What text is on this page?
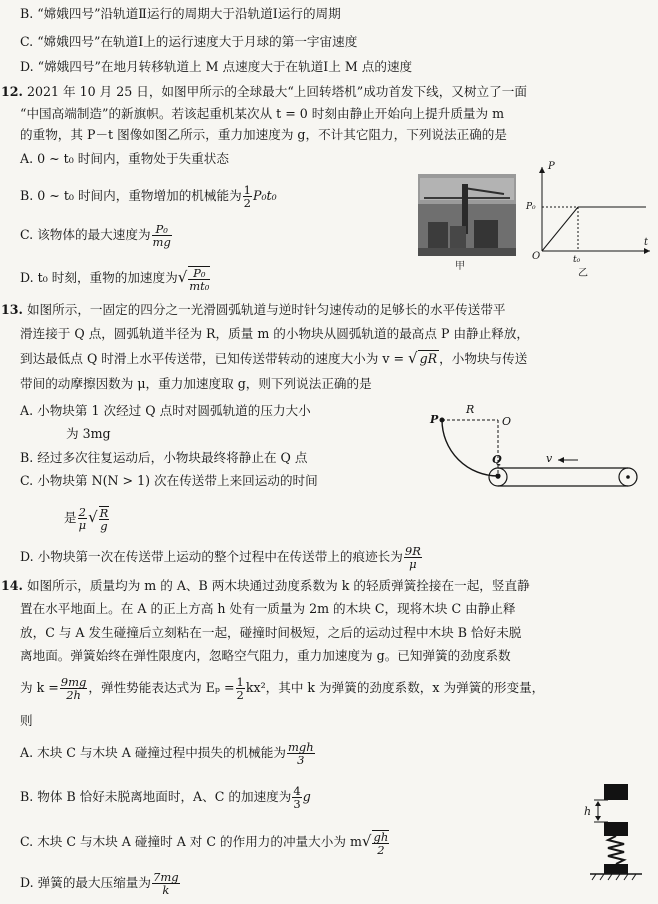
B. “嫦娥四号”沿轨道Ⅱ运行的周期大于沿轨道Ⅰ运行的周期
C. “嫦娥四号”在轨道Ⅰ上的运行速度大于月球的第一宇宙速度
D. “嫦娥四号”在地月转移轨道上 M 点速度大于在轨道Ⅰ上 M 点的速度
12. 2021 年 10 月 25 日，如图甲所示的全球最大“上回转塔机”成功首发下线，又树立了一面
“中国高端制造”的新旗帜。若该起重机某次从 t = 0 时刻由静止开始向上提升质量为 m
的重物，其 P－t 图像如图乙所示，重力加速度为 g，不计其它阻力，下列说法正确的是
A. 0 ~ t₀ 时间内，重物处于失重状态
B. 0 ~ t₀ 时间内，重物增加的机械能为 $\frac{1}{2} P_0t_0$
C. 该物体的最大速度为 $\frac{\text{P₀}}{mg}$
D. t₀ 时刻，重物的加速度为√ $\frac{\text{P₀}}{\text{mt₀}}$	甲
P
P₀
O	t₀
t
乙
13. 如图所示，一固定的四分之一光滑圆弧轨道与逆时针匀速传动的足够长的水平传送带平
滑连接于 Q 点，圆弧轨道半径为 R，质量 m 的小物块从圆弧轨道的最高点 P 由静止释放，
到达最低点 Q 时滑上水平传送带，已知传送带转动的速度大小为 v = √ gR ，小物块与传送
带间的动摩擦因数为 μ，重力加速度取 g，则下列说法正确的是
A. 小物块第 1 次经过 Q 点时对圆弧轨道的压力大小
为 3mg
B. 经过多次往复运动后，小物块最终将静止在 Q 点
C. 小物块第 N(N > 1) 次在传送带上来回运动的时间
是 $\frac{2}{\mu}$ √ $\frac{R}{g}$
D. 小物块第一次在传送带上运动的整个过程中在传送带上的痕迹长为 $\frac{9R}{\mu}$
P
R
O
Q	v
14. 如图所示，质量均为 m 的 A、B 两木块通过劲度系数为 k 的轻质弹簧拴接在一起，竖直静
置在水平地面上。在 A 的正上方高 h 处有一质量为 2m 的木块 C，现将木块 C 由静止释
放，C 与 A 发生碰撞后立刻粘在一起，碰撞时间极短，之后的运动过程中木块 B 恰好未脱
离地面。弹簧始终在弹性限度内，忽略空气阻力，重力加速度为 g。已知弹簧的劲度系数
为 $k = \frac{9mg}{2h}$ ，弹性势能表达式为 $E_p = \frac{1}{2} kx^2$，其中 k 为弹簧的劲度系数，x 为弹簧的形变量，
则
A. 木块 C 与木块 A 碰撞过程中损失的机械能为 mgh
3
B. 物体 B 恰好未脱离地面时，A、C 的加速度为 $\frac{4}{3}$ g
C. 木块 C 与木块 A 碰撞时 A 对 C 的作用力的冲量大小为 $m√ \frac{gh}{2}$
D. 弹簧的最大压缩量为 $\frac{7mg}{k}$
h
